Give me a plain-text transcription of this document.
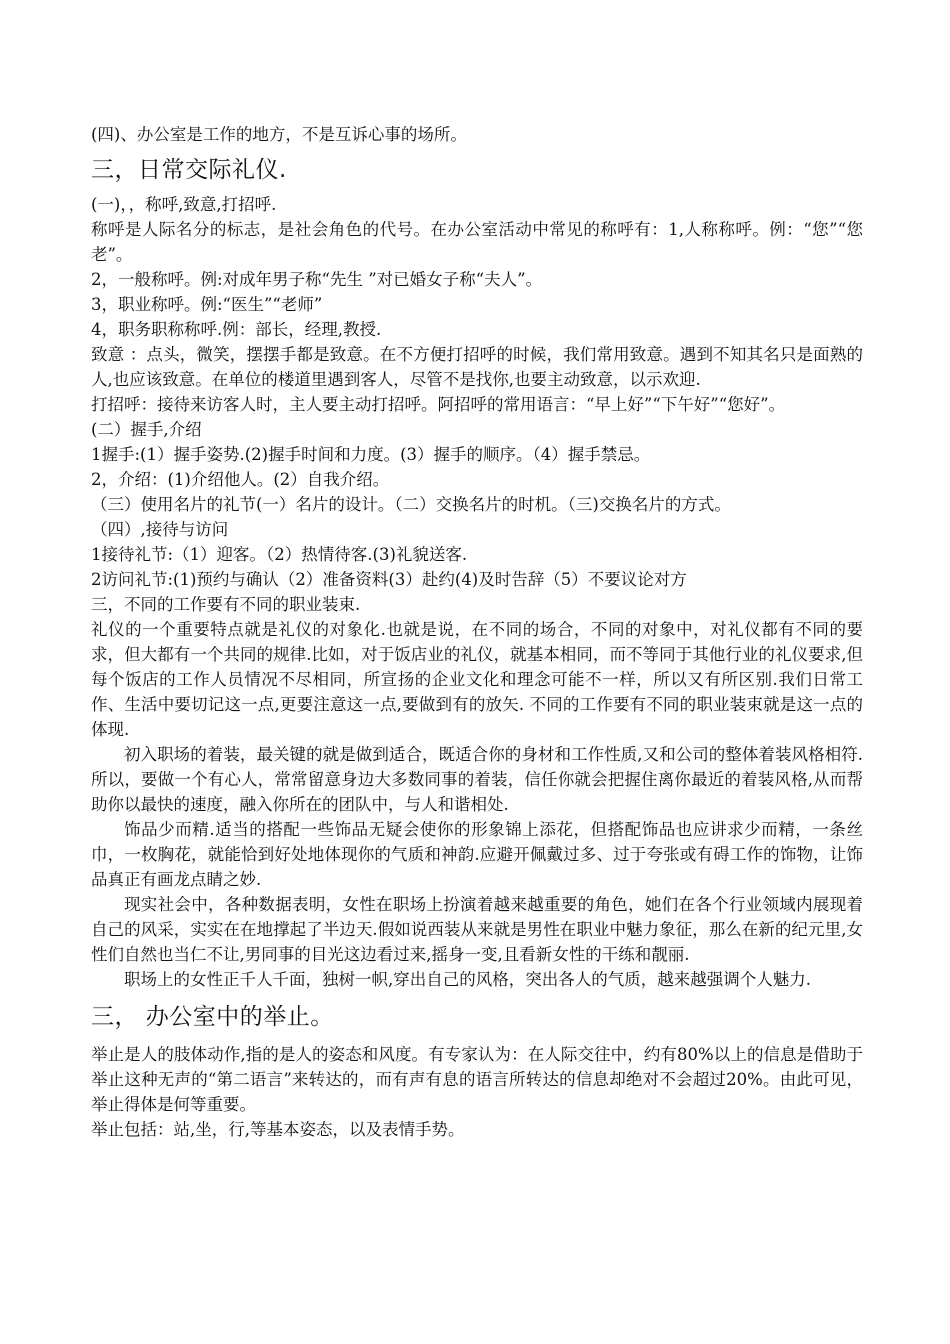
(四)、办公室是工作的地方，不是互诉心事的场所。

三，日常交际礼仪.

(一)，，称呼,致意,打招呼.

称呼是人际名分的标志，是社会角色的代号。在办公室活动中常见的称呼有：1,人称称呼。例：“您”“您老”。

2，一般称呼。例:对成年男子称“先生 ”对已婚女子称“夫人”。

3，职业称呼。例:“医生”“老师”

4，职务职称称呼.例：部长，经理,教授.

致意 ：点头，微笑，摆摆手都是致意。在不方便打招呼的时候，我们常用致意。遇到不知其名只是面熟的人,也应该致意。在单位的楼道里遇到客人，尽管不是找你,也要主动致意，以示欢迎.

打招呼：接待来访客人时，主人要主动打招呼。阿招呼的常用语言：“早上好”“下午好”“您好”。

(二）握手,介绍

1握手:(1）握手姿势.(2)握手时间和力度。(3）握手的顺序。（4）握手禁忌。

2，介绍：(1)介绍他人。(2）自我介绍。

（三）使用名片的礼节(一）名片的设计。（二）交换名片的时机。（三)交换名片的方式。

（四）,接待与访问

1接待礼节:（1）迎客。（2）热情待客.(3)礼貌送客.

2访问礼节:(1)预约与确认（2）准备资料(3）赴约(4)及时告辞（5）不要议论对方

三，不同的工作要有不同的职业装束.

礼仪的一个重要特点就是礼仪的对象化.也就是说，在不同的场合，不同的对象中，对礼仪都有不同的要求，但大都有一个共同的规律.比如，对于饭店业的礼仪，就基本相同，而不等同于其他行业的礼仪要求,但每个饭店的工作人员情况不尽相同，所宣扬的企业文化和理念可能不一样，所以又有所区别.我们日常工作、生活中要切记这一点,更要注意这一点,要做到有的放矢. 不同的工作要有不同的职业装束就是这一点的体现.

初入职场的着装，最关键的就是做到适合，既适合你的身材和工作性质,又和公司的整体着装风格相符.所以，要做一个有心人，常常留意身边大多数同事的着装，信任你就会把握住离你最近的着装风格,从而帮助你以最快的速度，融入你所在的团队中，与人和谐相处.

饰品少而精.适当的搭配一些饰品无疑会使你的形象锦上添花，但搭配饰品也应讲求少而精，一条丝巾，一枚胸花，就能恰到好处地体现你的气质和神韵.应避开佩戴过多、过于夸张或有碍工作的饰物，让饰品真正有画龙点睛之妙.

现实社会中，各种数据表明，女性在职场上扮演着越来越重要的角色，她们在各个行业领域内展现着自己的风采，实实在在地撑起了半边天.假如说西装从来就是男性在职业中魅力象征，那么在新的纪元里,女性们自然也当仁不让,男同事的目光这边看过来,摇身一变,且看新女性的干练和靓丽.

职场上的女性正千人千面，独树一帜,穿出自己的风格，突出各人的气质，越来越强调个人魅力.

三， 办公室中的举止。

举止是人的肢体动作,指的是人的姿态和风度。有专家认为：在人际交往中，约有80%以上的信息是借助于举止这种无声的“第二语言”来转达的，而有声有息的语言所转达的信息却绝对不会超过20%。由此可见，举止得体是何等重要。

举止包括：站,坐，行,等基本姿态，以及表情手势。
